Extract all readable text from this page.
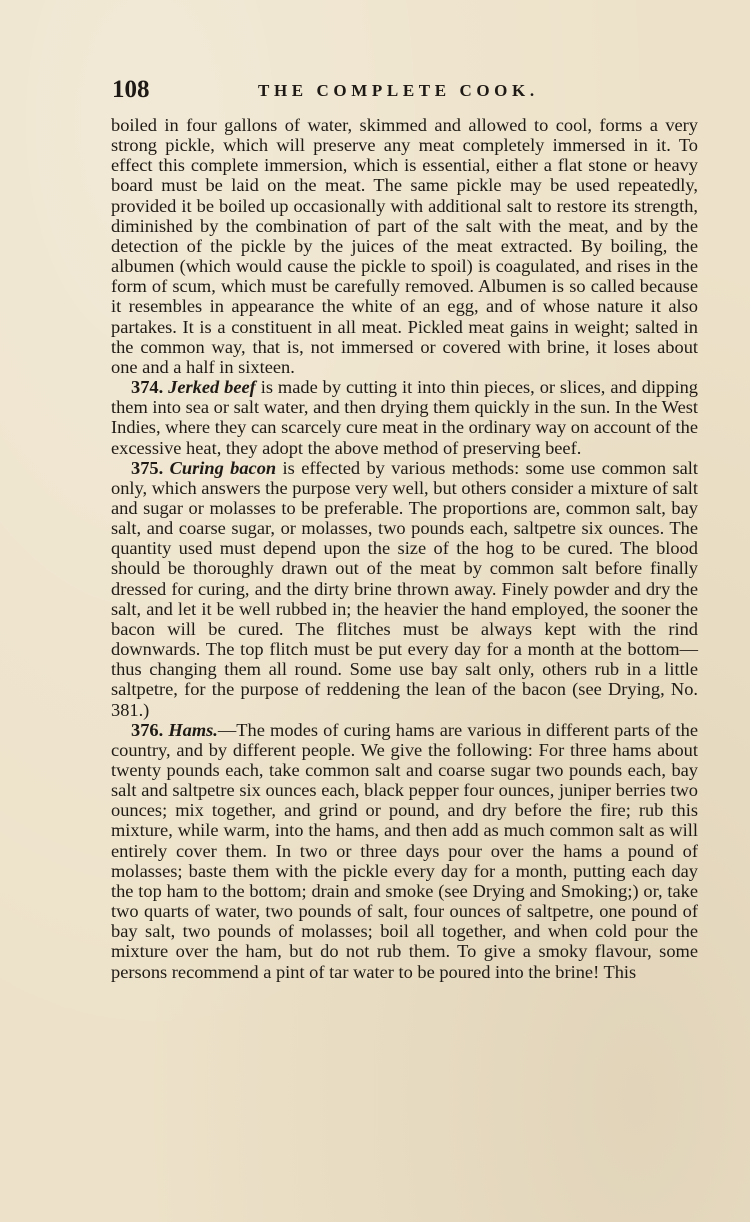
108	THE COMPLETE COOK.

boiled in four gallons of water, skimmed and allowed to cool, forms a very strong pickle, which will preserve any meat completely immersed in it. To effect this complete immersion, which is essential, either a flat stone or heavy board must be laid on the meat. The same pickle may be used repeatedly, provided it be boiled up occasionally with additional salt to restore its strength, diminished by the combination of part of the salt with the meat, and by the detection of the pickle by the juices of the meat extracted. By boiling, the albumen (which would cause the pickle to spoil) is coagulated, and rises in the form of scum, which must be carefully removed. Albumen is so called because it resembles in appearance the white of an egg, and of whose nature it also partakes. It is a constituent in all meat. Pickled meat gains in weight; salted in the common way, that is, not immersed or covered with brine, it loses about one and a half in sixteen.

374. Jerked beef is made by cutting it into thin pieces, or slices, and dipping them into sea or salt water, and then drying them quickly in the sun. In the West Indies, where they can scarcely cure meat in the ordinary way on account of the excessive heat, they adopt the above method of preserving beef.

375. Curing bacon is effected by various methods: some use common salt only, which answers the purpose very well, but others consider a mixture of salt and sugar or molasses to be preferable. The proportions are, common salt, bay salt, and coarse sugar, or molasses, two pounds each, saltpetre six ounces. The quantity used must depend upon the size of the hog to be cured. The blood should be thoroughly drawn out of the meat by common salt before finally dressed for curing, and the dirty brine thrown away. Finely powder and dry the salt, and let it be well rubbed in; the heavier the hand employed, the sooner the bacon will be cured. The flitches must be always kept with the rind downwards. The top flitch must be put every day for a month at the bottom—thus changing them all round. Some use bay salt only, others rub in a little saltpetre, for the purpose of reddening the lean of the bacon (see Drying, No. 381.)

376. Hams.—The modes of curing hams are various in different parts of the country, and by different people. We give the following: For three hams about twenty pounds each, take common salt and coarse sugar two pounds each, bay salt and saltpetre six ounces each, black pepper four ounces, juniper berries two ounces; mix together, and grind or pound, and dry before the fire; rub this mixture, while warm, into the hams, and then add as much common salt as will entirely cover them. In two or three days pour over the hams a pound of molasses; baste them with the pickle every day for a month, putting each day the top ham to the bottom; drain and smoke (see Drying and Smoking;) or, take two quarts of water, two pounds of salt, four ounces of saltpetre, one pound of bay salt, two pounds of molasses; boil all together, and when cold pour the mixture over the ham, but do not rub them. To give a smoky flavour, some persons recommend a pint of tar water to be poured into the brine! This
